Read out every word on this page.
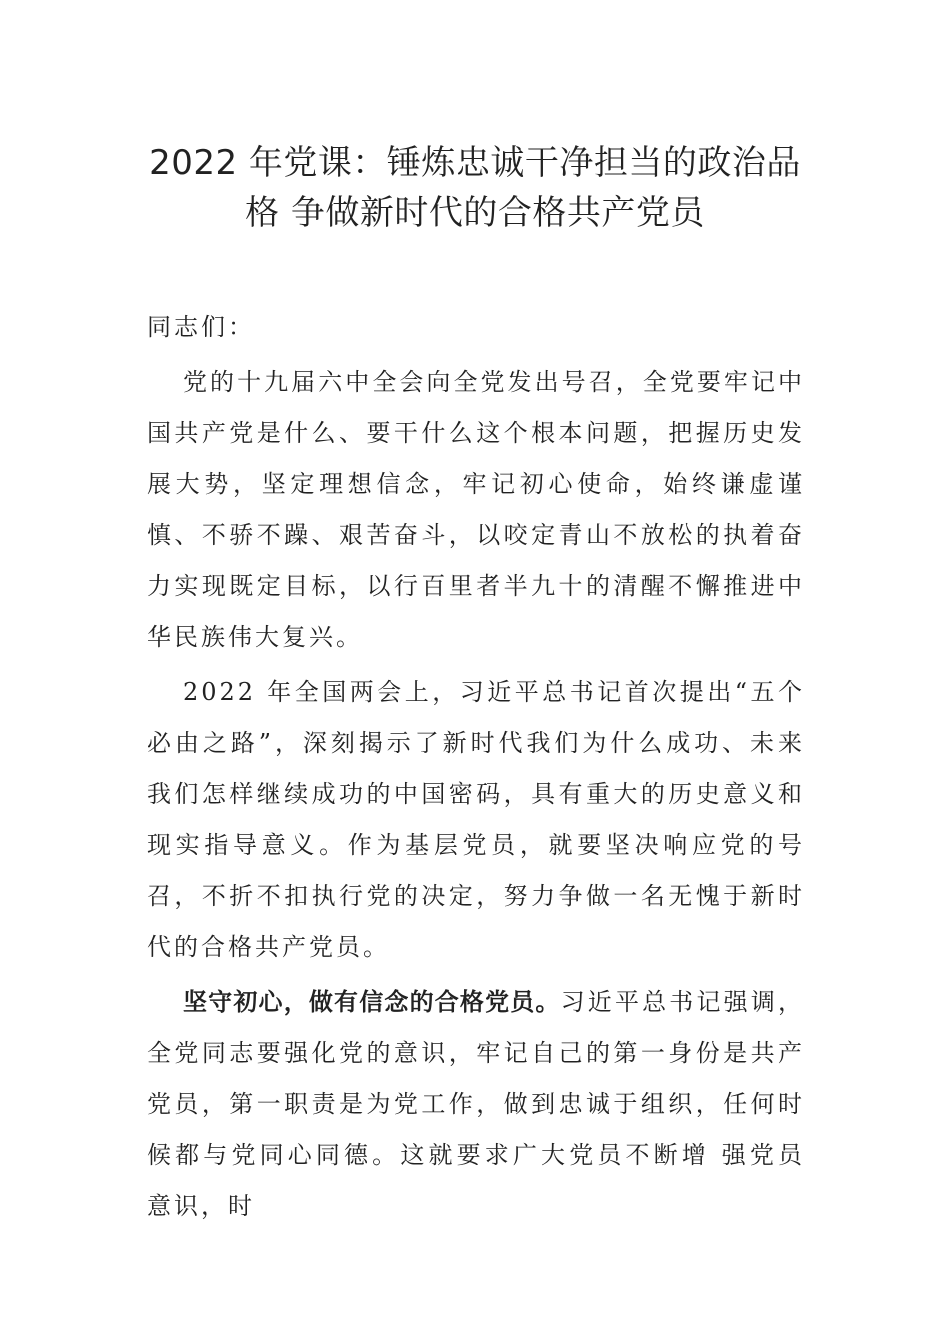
2022 年党课：锤炼忠诚干净担当的政治品
格 争做新时代的合格共产党员

同志们：

党的十九届六中全会向全党发出号召，全党要牢记中国共产党是什么、要干什么这个根本问题，把握历史发展大势，坚定理想信念，牢记初心使命，始终谦虚谨慎、不骄不躁、艰苦奋斗，以咬定青山不放松的执着奋力实现既定目标，以行百里者半九十的清醒不懈推进中华民族伟大复兴。

2022 年全国两会上，习近平总书记首次提出“五个必由之路”，深刻揭示了新时代我们为什么成功、未来我们怎样继续成功的中国密码，具有重大的历史意义和现实指导意义。作为基层党员，就要坚决响应党的号召，不折不扣执行党的决定，努力争做一名无愧于新时代的合格共产党员。

坚守初心，做有信念的合格党员。习近平总书记强调，全党同志要强化党的意识，牢记自己的第一身份是共产党员，第一职责是为党工作，做到忠诚于组织，任何时候都与党同心同德。这就要求广大党员不断增 强党员意识，时
